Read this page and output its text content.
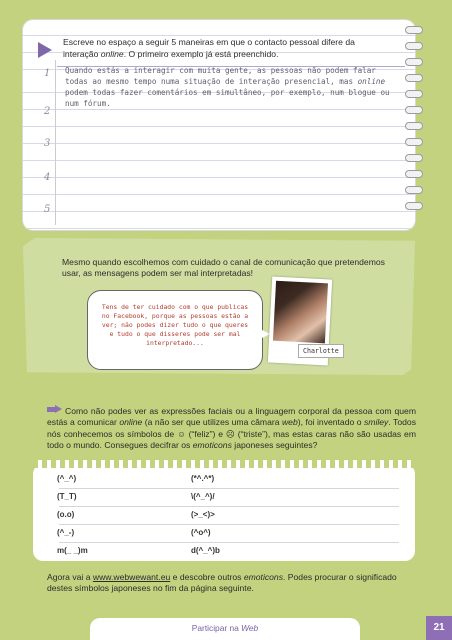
Escreve no espaço a seguir 5 maneiras em que o contacto pessoal difere da interação online. O primeiro exemplo já está preenchido.
Quando estás a interagir com muita gente, as pessoas não podem falar todas ao mesmo tempo numa situação de interação presencial, mas online podem todas fazer comentários em simultâneo, por exemplo, num blogue ou num fórum.
1
2
3
4
5
Mesmo quando escolhemos com cuidado o canal de comunicação que pretendemos usar, as mensagens podem ser mal interpretadas!
Tens de ter cuidado com o que publicas no Facebook, porque as pessoas estão a ver; não podes dizer tudo o que queres e tudo o que disseres pode ser mal interpretado...
Charlotte
Como não podes ver as expressões faciais ou a linguagem corporal da pessoa com quem estás a comunicar online (a não ser que utilizes uma câmara web), foi inventado o smiley. Todos nós conhecemos os símbolos de ☺ (“feliz”) e ☹ (“triste”), mas estas caras não são usadas em todo o mundo. Consegues decifrar os emoticons japoneses seguintes?
(^_^)
(T_T)
(o.o)
(^_-)
m(_ _)m
(*^.^*)
\(^_^)/
(>_<)>
(^o^)
d(^_^)b
Agora vai a www.webwewant.eu e descobre outros emoticons. Podes procurar o significado destes símbolos japoneses no fim da página seguinte.
Participar na Web	21
